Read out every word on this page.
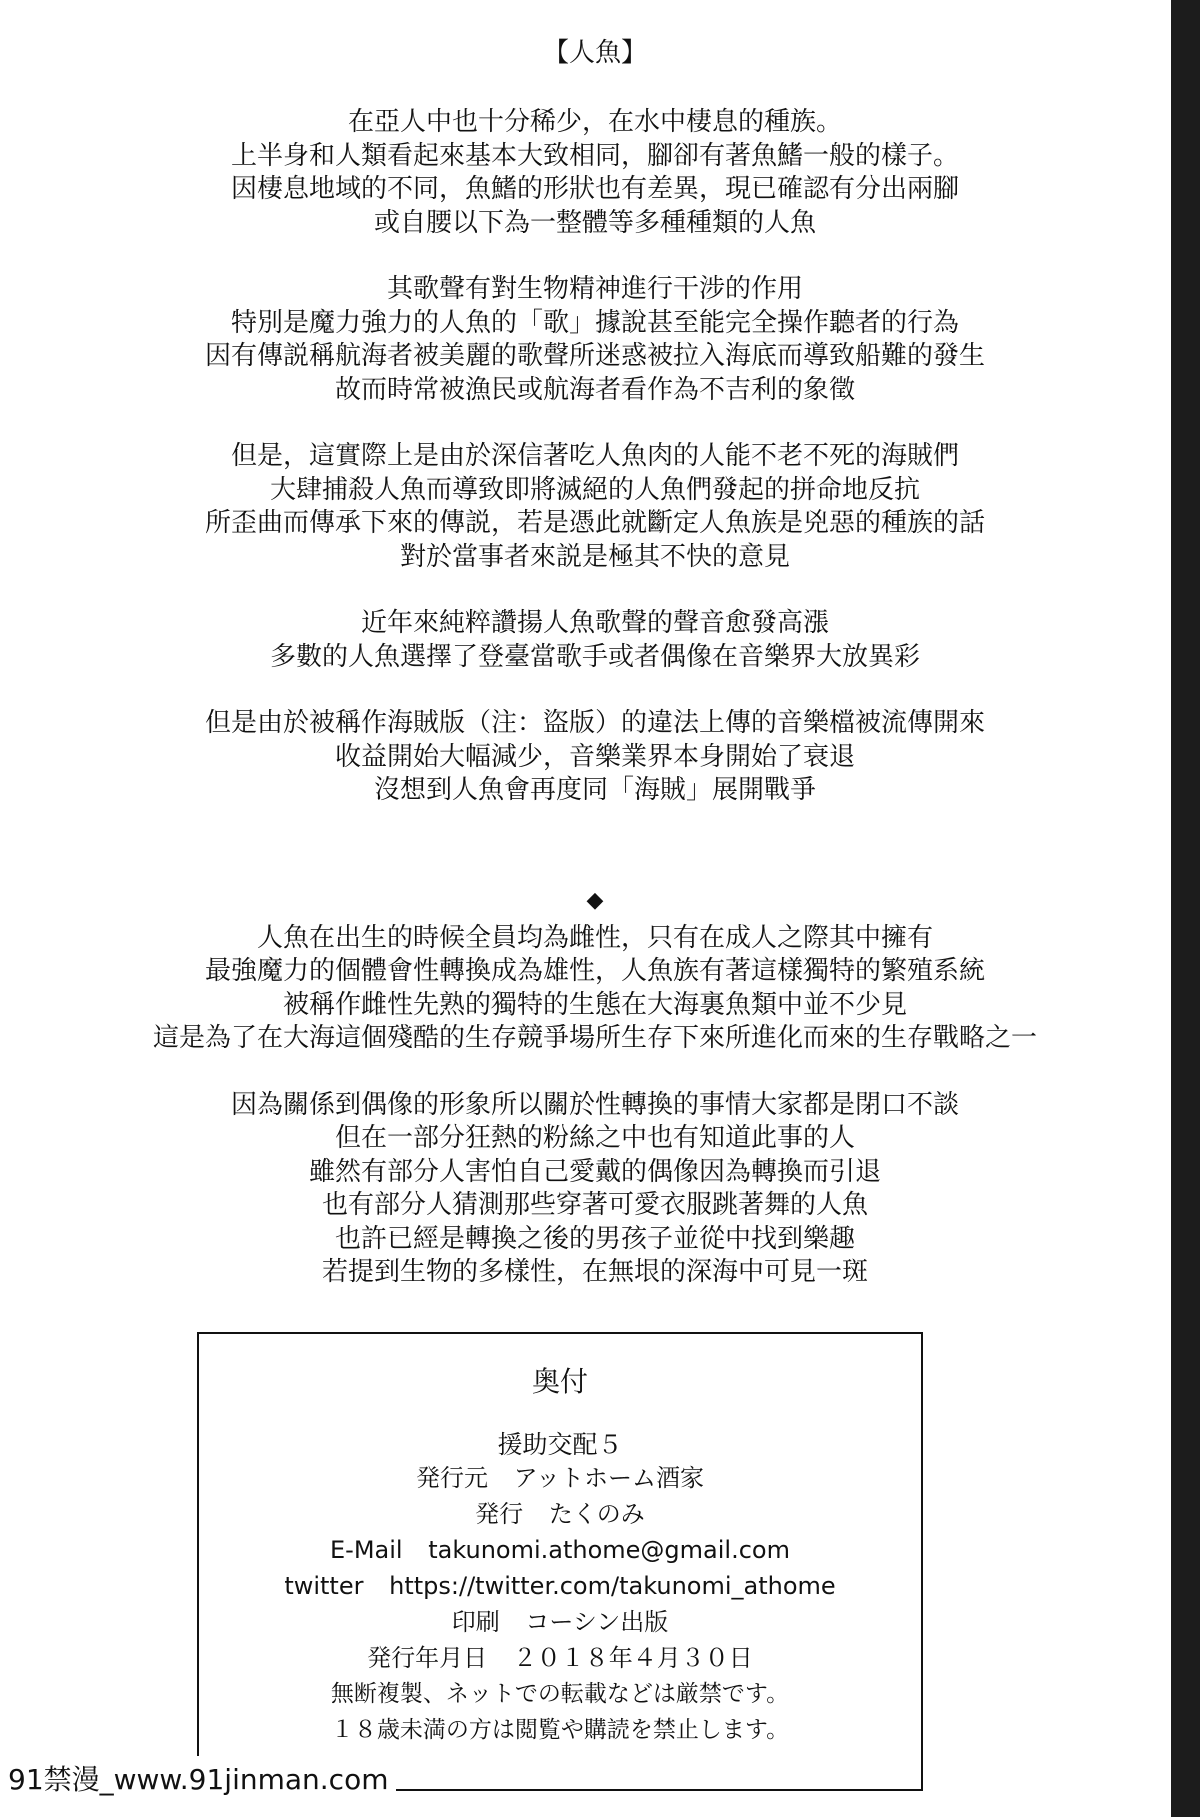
【人魚】
在亞人中也十分稀少，在水中棲息的種族。
上半身和人類看起來基本大致相同，腳卻有著魚鰭一般的樣子。
因棲息地域的不同，魚鰭的形狀也有差異，現已確認有分出兩腳
或自腰以下為一整體等多種種類的人魚
其歌聲有對生物精神進行干涉的作用
特別是魔力強力的人魚的「歌」據說甚至能完全操作聽者的行為
因有傳説稱航海者被美麗的歌聲所迷惑被拉入海底而導致船難的發生
故而時常被漁民或航海者看作為不吉利的象徵
但是，這實際上是由於深信著吃人魚肉的人能不老不死的海賊們
大肆捕殺人魚而導致即將滅絕的人魚們發起的拼命地反抗
所歪曲而傳承下來的傳説，若是憑此就斷定人魚族是兇惡的種族的話
對於當事者來説是極其不快的意見
近年來純粹讚揚人魚歌聲的聲音愈發高漲
多數的人魚選擇了登臺當歌手或者偶像在音樂界大放異彩
但是由於被稱作海賊版（注：盜版）的違法上傳的音樂檔被流傳開來
收益開始大幅減少，音樂業界本身開始了衰退
沒想到人魚會再度同「海賊」展開戰爭
◆
人魚在出生的時候全員均為雌性，只有在成人之際其中擁有
最強魔力的個體會性轉換成為雄性，人魚族有著這樣獨特的繁殖系統
被稱作雌性先熟的獨特的生態在大海裏魚類中並不少見
這是為了在大海這個殘酷的生存競爭場所生存下來所進化而來的生存戰略之一
因為關係到偶像的形象所以關於性轉換的事情大家都是閉口不談
但在一部分狂熱的粉絲之中也有知道此事的人
雖然有部分人害怕自己愛戴的偶像因為轉換而引退
也有部分人猜測那些穿著可愛衣服跳著舞的人魚
也許已經是轉換之後的男孩子並從中找到樂趣
若提到生物的多樣性，在無垠的深海中可見一斑
奥付
援助交配５
発行元 アットホーム酒家
発行 たくのみ
E-Mail takunomi.athome@gmail.com
twitter https://twitter.com/takunomi_athome
印刷 コーシン出版
発行年月日 ２０１８年４月３０日
無断複製、ネットでの転載などは厳禁です。
１８歳未満の方は閲覧や購読を禁止します。
91禁漫_www.91jinman.com
